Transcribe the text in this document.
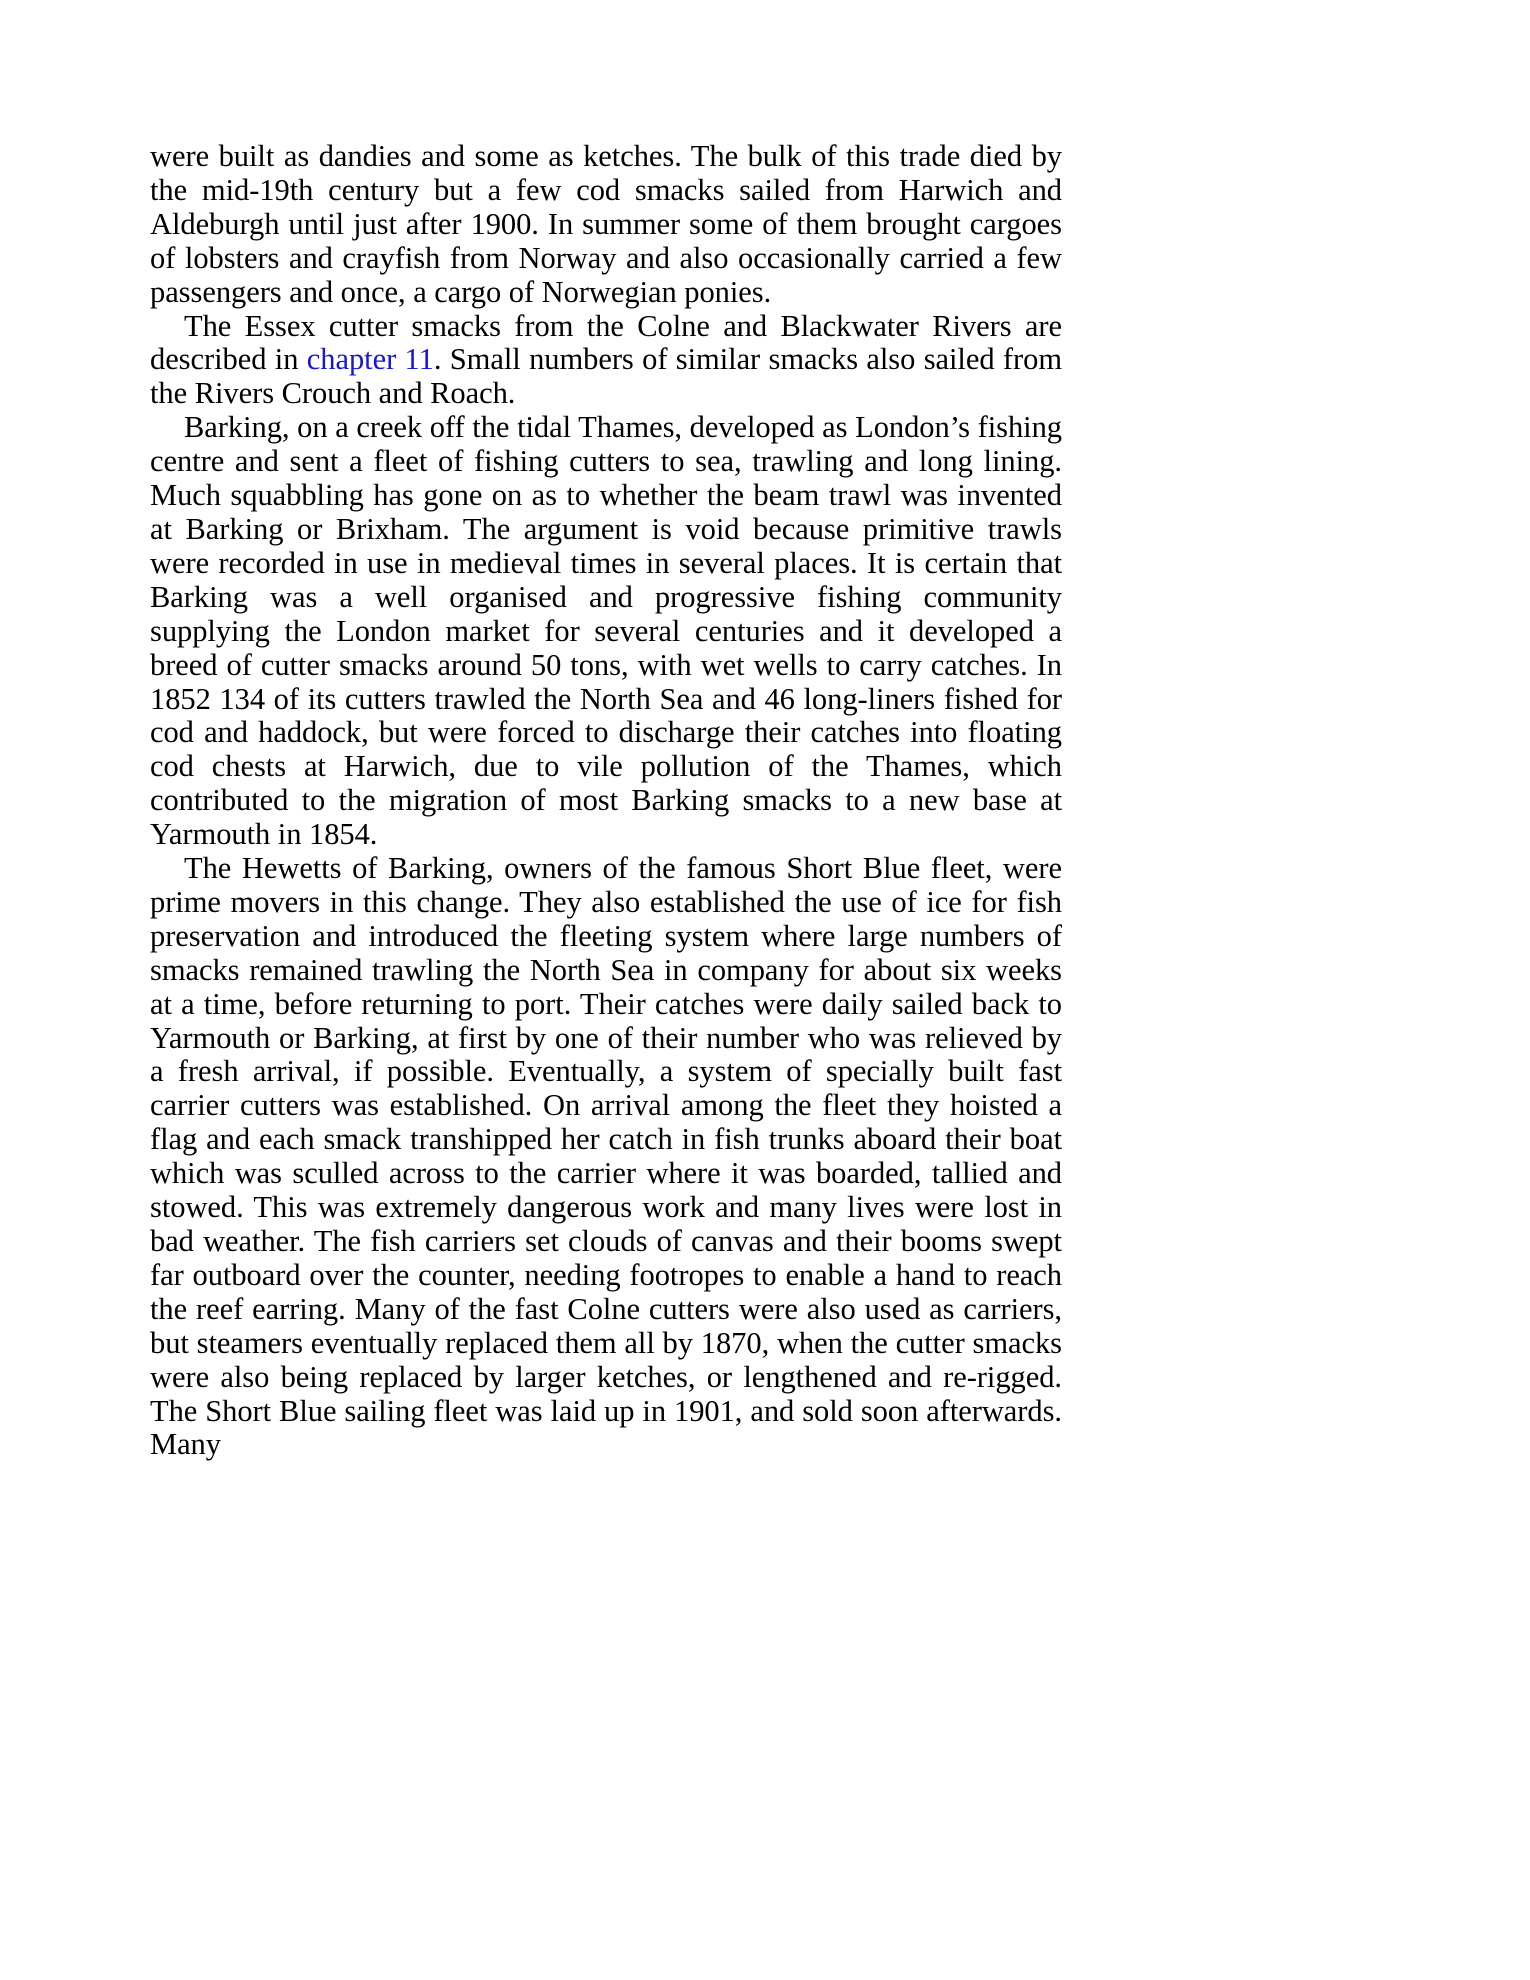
were built as dandies and some as ketches. The bulk of this trade died by the mid-19th century but a few cod smacks sailed from Harwich and Aldeburgh until just after 1900. In summer some of them brought cargoes of lobsters and crayfish from Norway and also occasionally carried a few passengers and once, a cargo of Norwegian ponies.

The Essex cutter smacks from the Colne and Blackwater Rivers are described in chapter 11. Small numbers of similar smacks also sailed from the Rivers Crouch and Roach.

Barking, on a creek off the tidal Thames, developed as London’s fishing centre and sent a fleet of fishing cutters to sea, trawling and long lining. Much squabbling has gone on as to whether the beam trawl was invented at Barking or Brixham. The argument is void because primitive trawls were recorded in use in medieval times in several places. It is certain that Barking was a well organised and progressive fishing community supplying the London market for several centuries and it developed a breed of cutter smacks around 50 tons, with wet wells to carry catches. In 1852 134 of its cutters trawled the North Sea and 46 long-liners fished for cod and haddock, but were forced to discharge their catches into floating cod chests at Harwich, due to vile pollution of the Thames, which contributed to the migration of most Barking smacks to a new base at Yarmouth in 1854.

The Hewetts of Barking, owners of the famous Short Blue fleet, were prime movers in this change. They also established the use of ice for fish preservation and introduced the fleeting system where large numbers of smacks remained trawling the North Sea in company for about six weeks at a time, before returning to port. Their catches were daily sailed back to Yarmouth or Barking, at first by one of their number who was relieved by a fresh arrival, if possible. Eventually, a system of specially built fast carrier cutters was established. On arrival among the fleet they hoisted a flag and each smack transhipped her catch in fish trunks aboard their boat which was sculled across to the carrier where it was boarded, tallied and stowed. This was extremely dangerous work and many lives were lost in bad weather. The fish carriers set clouds of canvas and their booms swept far outboard over the counter, needing footropes to enable a hand to reach the reef earring. Many of the fast Colne cutters were also used as carriers, but steamers eventually replaced them all by 1870, when the cutter smacks were also being replaced by larger ketches, or lengthened and re-rigged. The Short Blue sailing fleet was laid up in 1901, and sold soon afterwards. Many
